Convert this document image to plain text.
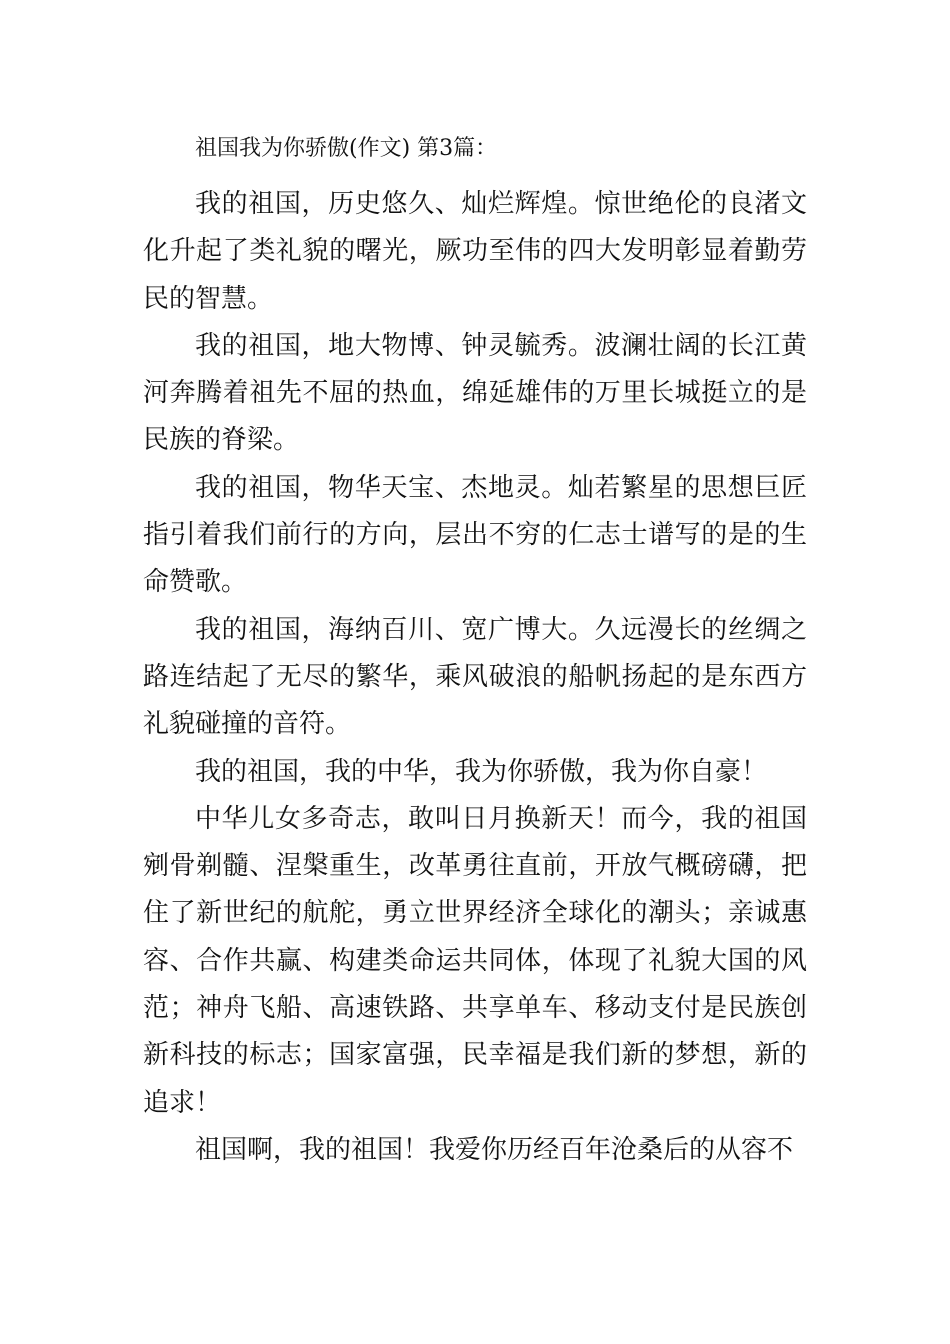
祖国我为你骄傲(作文) 第3篇：

我的祖国，历史悠久、灿烂辉煌。惊世绝伦的良渚文化升起了类礼貌的曙光，厥功至伟的四大发明彰显着勤劳民的智慧。

我的祖国，地大物博、钟灵毓秀。波澜壮阔的长江黄河奔腾着祖先不屈的热血，绵延雄伟的万里长城挺立的是民族的脊梁。

我的祖国，物华天宝、杰地灵。灿若繁星的思想巨匠指引着我们前行的方向，层出不穷的仁志士谱写的是的生命赞歌。

我的祖国，海纳百川、宽广博大。久远漫长的丝绸之路连结起了无尽的繁华，乘风破浪的船帆扬起的是东西方礼貌碰撞的音符。

我的祖国，我的中华，我为你骄傲，我为你自豪！

中华儿女多奇志，敢叫日月换新天！而今，我的祖国剜骨剃髓、涅槃重生，改革勇往直前，开放气概磅礴，把住了新世纪的航舵，勇立世界经济全球化的潮头；亲诚惠容、合作共赢、构建类命运共同体，体现了礼貌大国的风范；神舟飞船、高速铁路、共享单车、移动支付是民族创新科技的标志；国家富强，民幸福是我们新的梦想，新的追求！

祖国啊，我的祖国！我爱你历经百年沧桑后的从容不
